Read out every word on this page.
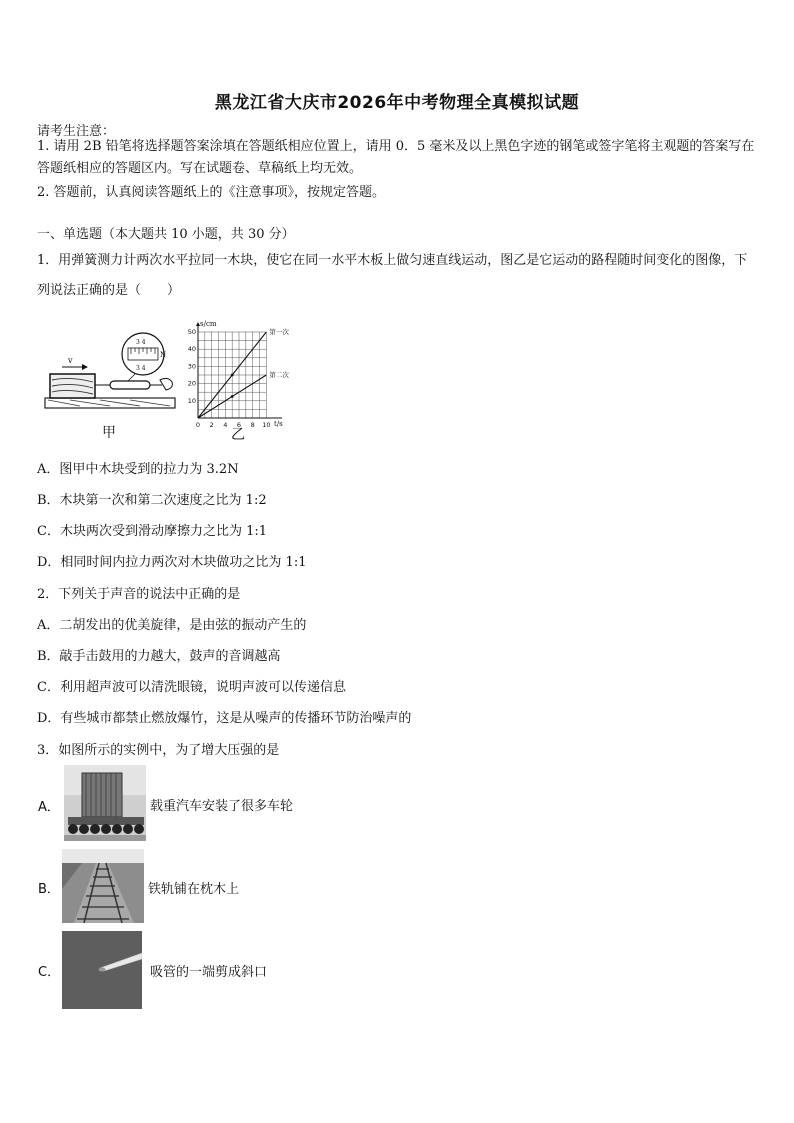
黑龙江省大庆市2026年中考物理全真模拟试题
请考生注意：
1. 请用 2B 铅笔将选择题答案涂填在答题纸相应位置上，请用 0．5 毫米及以上黑色字迹的钢笔或签字笔将主观题的答案写在答题纸相应的答题区内。写在试题卷、草稿纸上均无效。
2. 答题前，认真阅读答题纸上的《注意事项》，按规定答题。
一、单选题（本大题共 10 小题，共 30 分）
1．用弹簧测力计两次水平拉同一木块，使它在同一水平木板上做匀速直线运动，图乙是它运动的路程随时间变化的图像，下列说法正确的是（　　）
v
3 4
3 4
N
甲
s/cm
t/s
0 2 4 6 8 10
10
20
30
40
50	第一次
第二次
乙
A．图甲中木块受到的拉力为 3.2N
B．木块第一次和第二次速度之比为 1:2
C．木块两次受到滑动摩擦力之比为 1:1
D．相同时间内拉力两次对木块做功之比为 1:1
2．下列关于声音的说法中正确的是
A．二胡发出的优美旋律，是由弦的振动产生的
B．敲手击鼓用的力越大，鼓声的音调越高
C．利用超声波可以清洗眼镜，说明声波可以传递信息
D．有些城市都禁止燃放爆竹，这是从噪声的传播环节防治噪声的
3．如图所示的实例中，为了增大压强的是
A．	载重汽车安装了很多车轮
B．	铁轨铺在枕木上
C．	吸管的一端剪成斜口
